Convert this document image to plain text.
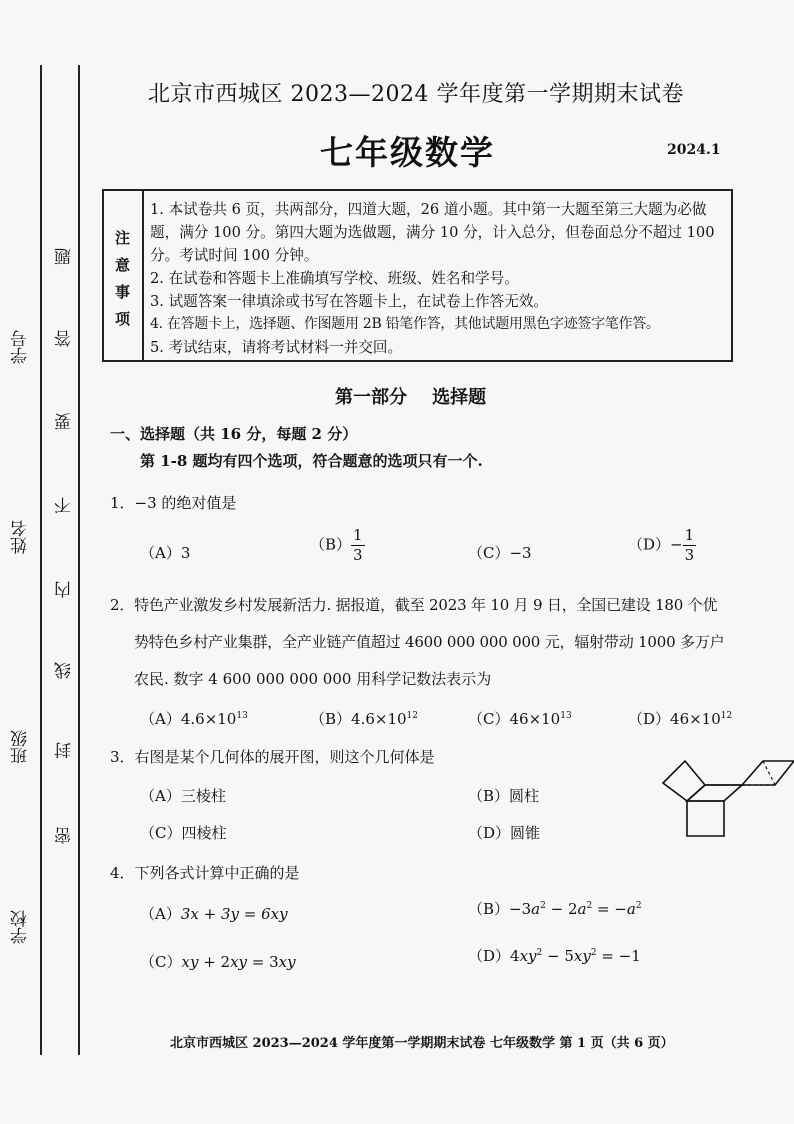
学校
班级
姓名
学号
密
封
线
内
不
要
答
题
北京市西城区 2023—2024 学年度第一学期期末试卷
七年级数学	2024.1
注
意
事
项

1. 本试卷共 6 页，共两部分，四道大题，26 道小题。其中第一大题至第三大题为必做题，满分 100 分。第四大题为选做题，满分 10 分，计入总分，但卷面总分不超过 100 分。考试时间 100 分钟。

2. 在试卷和答题卡上准确填写学校、班级、姓名和学号。

3. 试题答案一律填涂或书写在答题卡上，在试卷上作答无效。

4. 在答题卡上，选择题、作图题用 2B 铅笔作答，其他试题用黑色字迹签字笔作答。

5. 考试结束，请将考试材料一并交回。

第一部分    选择题
一、选择题（共 16 分，每题 2 分）
第 1-8 题均有四个选项，符合题意的选项只有一个.
1．−3 的绝对值是
（A）3	$(B) \frac{1}{3}$	（C）−3	$(D)- \frac{1}{3}$
2．特色产业激发乡村发展新活力. 据报道，截至 2023 年 10 月 9 日，全国已建设 180 个优
势特色乡村产业集群，全产业链产值超过 4600 000 000 000 元，辐射带动 1000 多万户
农民. 数字 4 600 000 000 000 用科学记数法表示为
$(A)4.6\times 10^{13}$	$(B)4.6\times 10^{12}$	$(C)46\times 10^{13}$	$(D)46\times 10^{12}$
3．右图是某个几何体的展开图，则这个几何体是
（A）三棱柱	（B）圆柱
（C）四棱柱	（D）圆锥
4．下列各式计算中正确的是
（A）3x + 3y = 6xy	$(B)-3a^2 - 2a^2 = -a^2$
（C）xy + 2xy = 3xy	$(D)4xy^2 - 5xy^2 = -1$
北京市西城区 2023—2024 学年度第一学期期末试卷 七年级数学 第 1 页（共 6 页）
